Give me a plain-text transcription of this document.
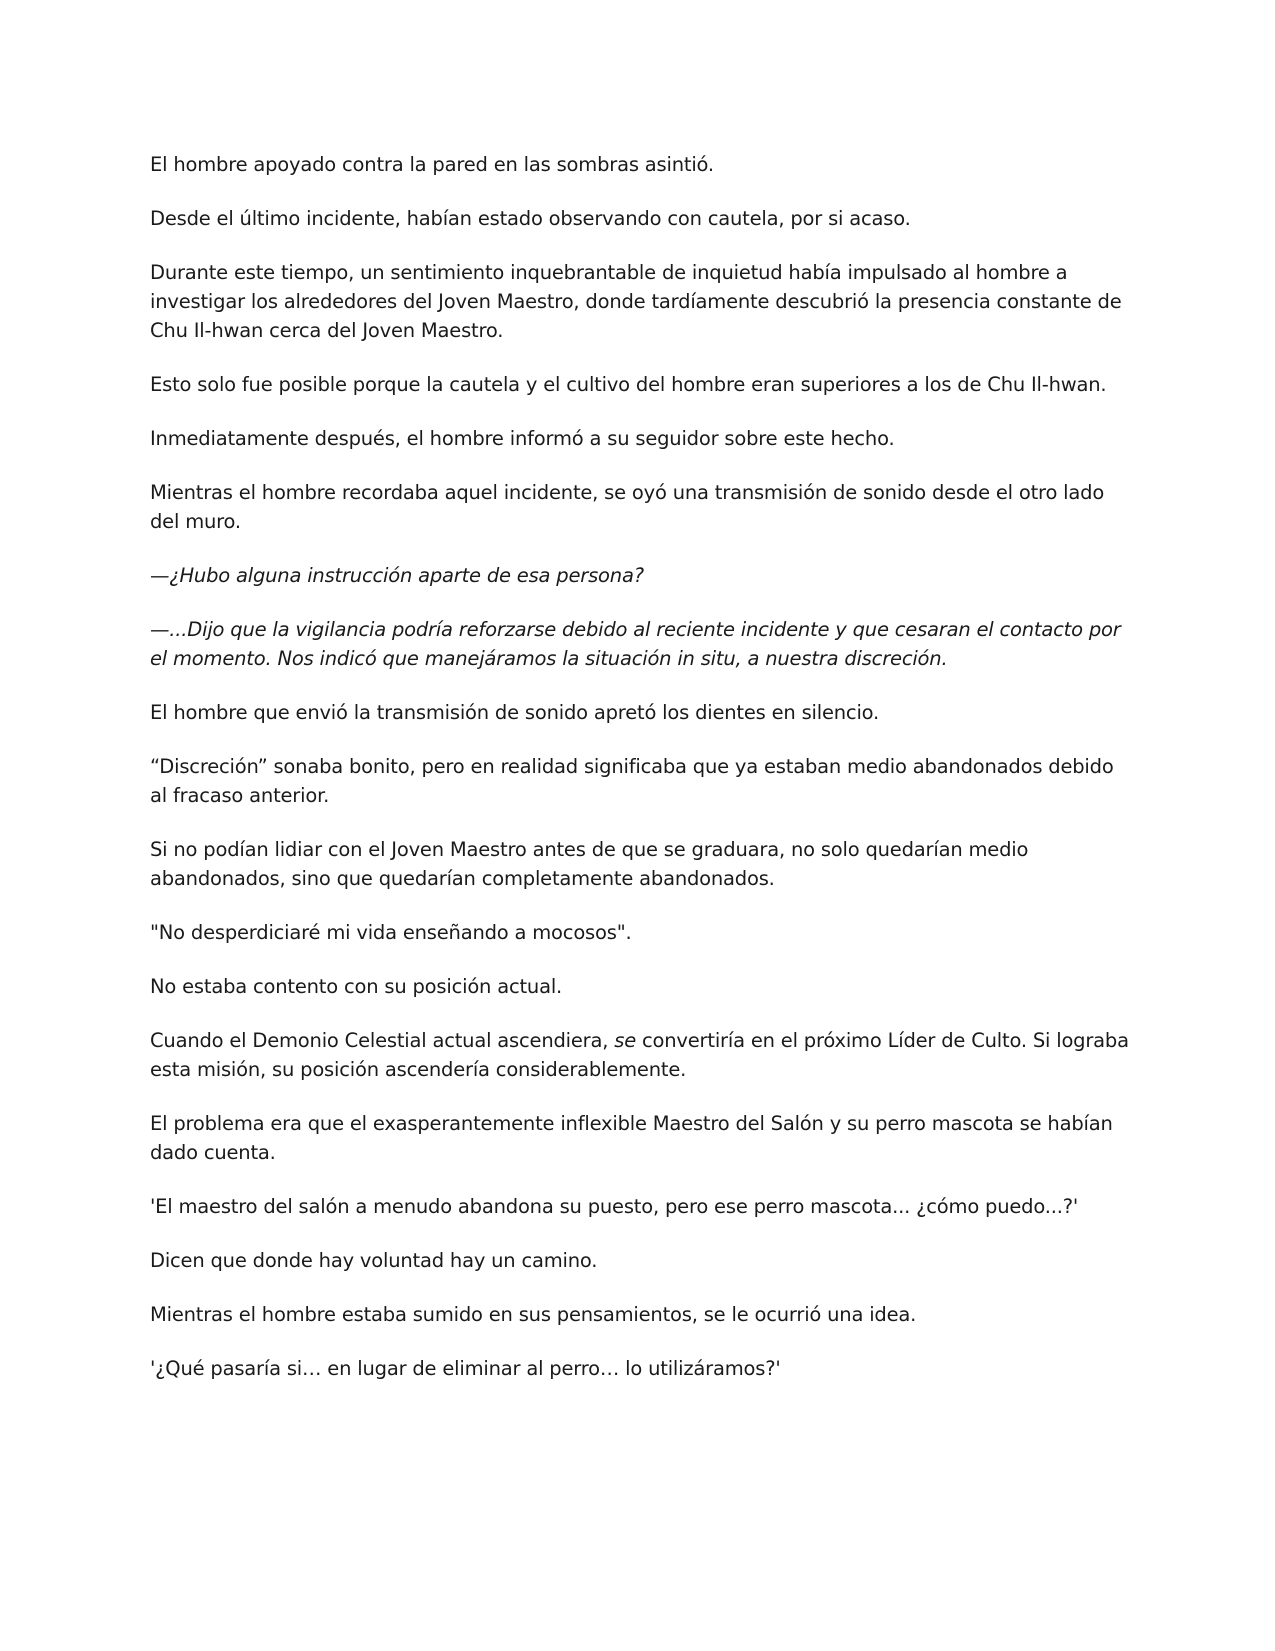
El hombre apoyado contra la pared en las sombras asintió.

Desde el último incidente, habían estado observando con cautela, por si acaso.

Durante este tiempo, un sentimiento inquebrantable de inquietud había impulsado al hombre a investigar los alrededores del Joven Maestro, donde tardíamente descubrió la presencia constante de Chu Il-hwan cerca del Joven Maestro.

Esto solo fue posible porque la cautela y el cultivo del hombre eran superiores a los de Chu Il-hwan.

Inmediatamente después, el hombre informó a su seguidor sobre este hecho.

Mientras el hombre recordaba aquel incidente, se oyó una transmisión de sonido desde el otro lado del muro.

—¿Hubo alguna instrucción aparte de esa persona?

—...Dijo que la vigilancia podría reforzarse debido al reciente incidente y que cesaran el contacto por el momento. Nos indicó que manejáramos la situación in situ, a nuestra discreción.

El hombre que envió la transmisión de sonido apretó los dientes en silencio.

“Discreción” sonaba bonito, pero en realidad significaba que ya estaban medio abandonados debido al fracaso anterior.

Si no podían lidiar con el Joven Maestro antes de que se graduara, no solo quedarían medio abandonados, sino que quedarían completamente abandonados.

"No desperdiciaré mi vida enseñando a mocosos".

No estaba contento con su posición actual.

Cuando el Demonio Celestial actual ascendiera, se convertiría en el próximo Líder de Culto. Si lograba esta misión, su posición ascendería considerablemente.

El problema era que el exasperantemente inflexible Maestro del Salón y su perro mascota se habían dado cuenta.

'El maestro del salón a menudo abandona su puesto, pero ese perro mascota... ¿cómo puedo...?'

Dicen que donde hay voluntad hay un camino.

Mientras el hombre estaba sumido en sus pensamientos, se le ocurrió una idea.

'¿Qué pasaría si… en lugar de eliminar al perro… lo utilizáramos?'
